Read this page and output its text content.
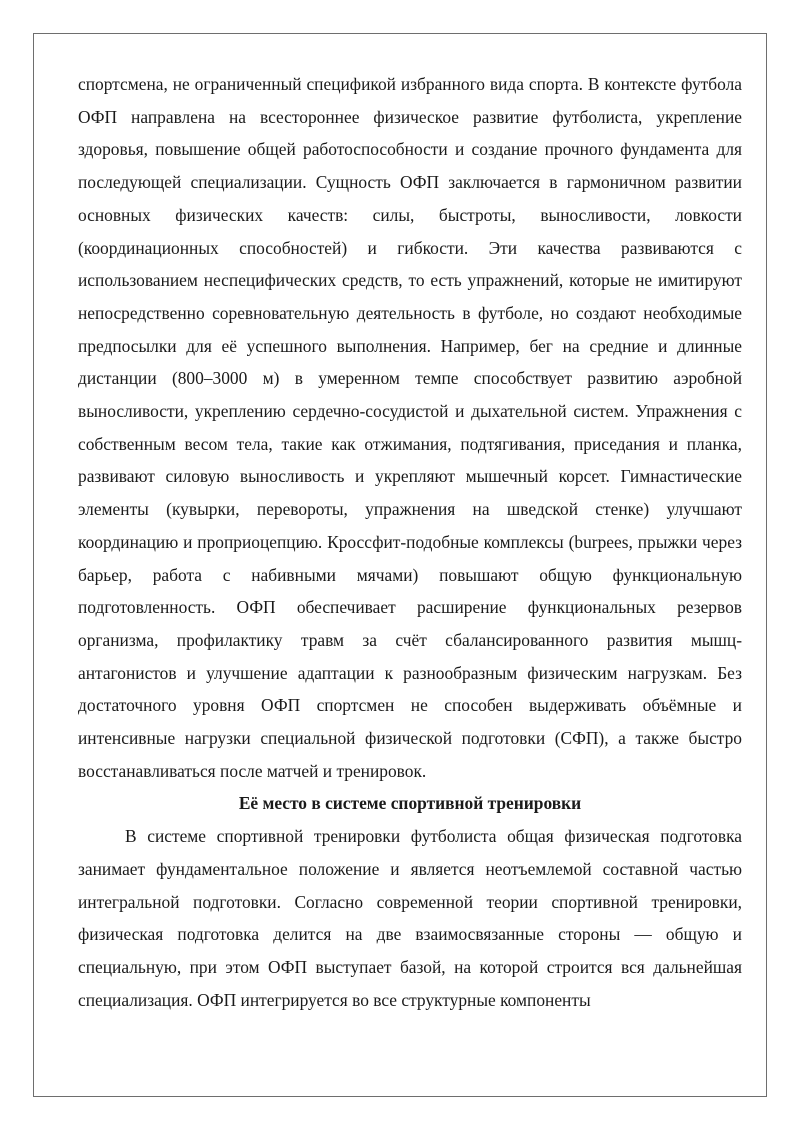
спортсмена, не ограниченный спецификой избранного вида спорта. В контексте футбола ОФП направлена на всестороннее физическое развитие футболиста, укрепление здоровья, повышение общей работоспособности и создание прочного фундамента для последующей специализации. Сущность ОФП заключается в гармоничном развитии основных физических качеств: силы, быстроты, выносливости, ловкости (координационных способностей) и гибкости. Эти качества развиваются с использованием неспецифических средств, то есть упражнений, которые не имитируют непосредственно соревновательную деятельность в футболе, но создают необходимые предпосылки для её успешного выполнения. Например, бег на средние и длинные дистанции (800–3000 м) в умеренном темпе способствует развитию аэробной выносливости, укреплению сердечно-сосудистой и дыхательной систем. Упражнения с собственным весом тела, такие как отжимания, подтягивания, приседания и планка, развивают силовую выносливость и укрепляют мышечный корсет. Гимнастические элементы (кувырки, перевороты, упражнения на шведской стенке) улучшают координацию и проприоцепцию. Кроссфит-подобные комплексы (burpees, прыжки через барьер, работа с набивными мячами) повышают общую функциональную подготовленность. ОФП обеспечивает расширение функциональных резервов организма, профилактику травм за счёт сбалансированного развития мышц-антагонистов и улучшение адаптации к разнообразным физическим нагрузкам. Без достаточного уровня ОФП спортсмен не способен выдерживать объёмные и интенсивные нагрузки специальной физической подготовки (СФП), а также быстро восстанавливаться после матчей и тренировок.

Её место в системе спортивной тренировки

В системе спортивной тренировки футболиста общая физическая подготовка занимает фундаментальное положение и является неотъемлемой составной частью интегральной подготовки. Согласно современной теории спортивной тренировки, физическая подготовка делится на две взаимосвязанные стороны — общую и специальную, при этом ОФП выступает базой, на которой строится вся дальнейшая специализация. ОФП интегрируется во все структурные компоненты
